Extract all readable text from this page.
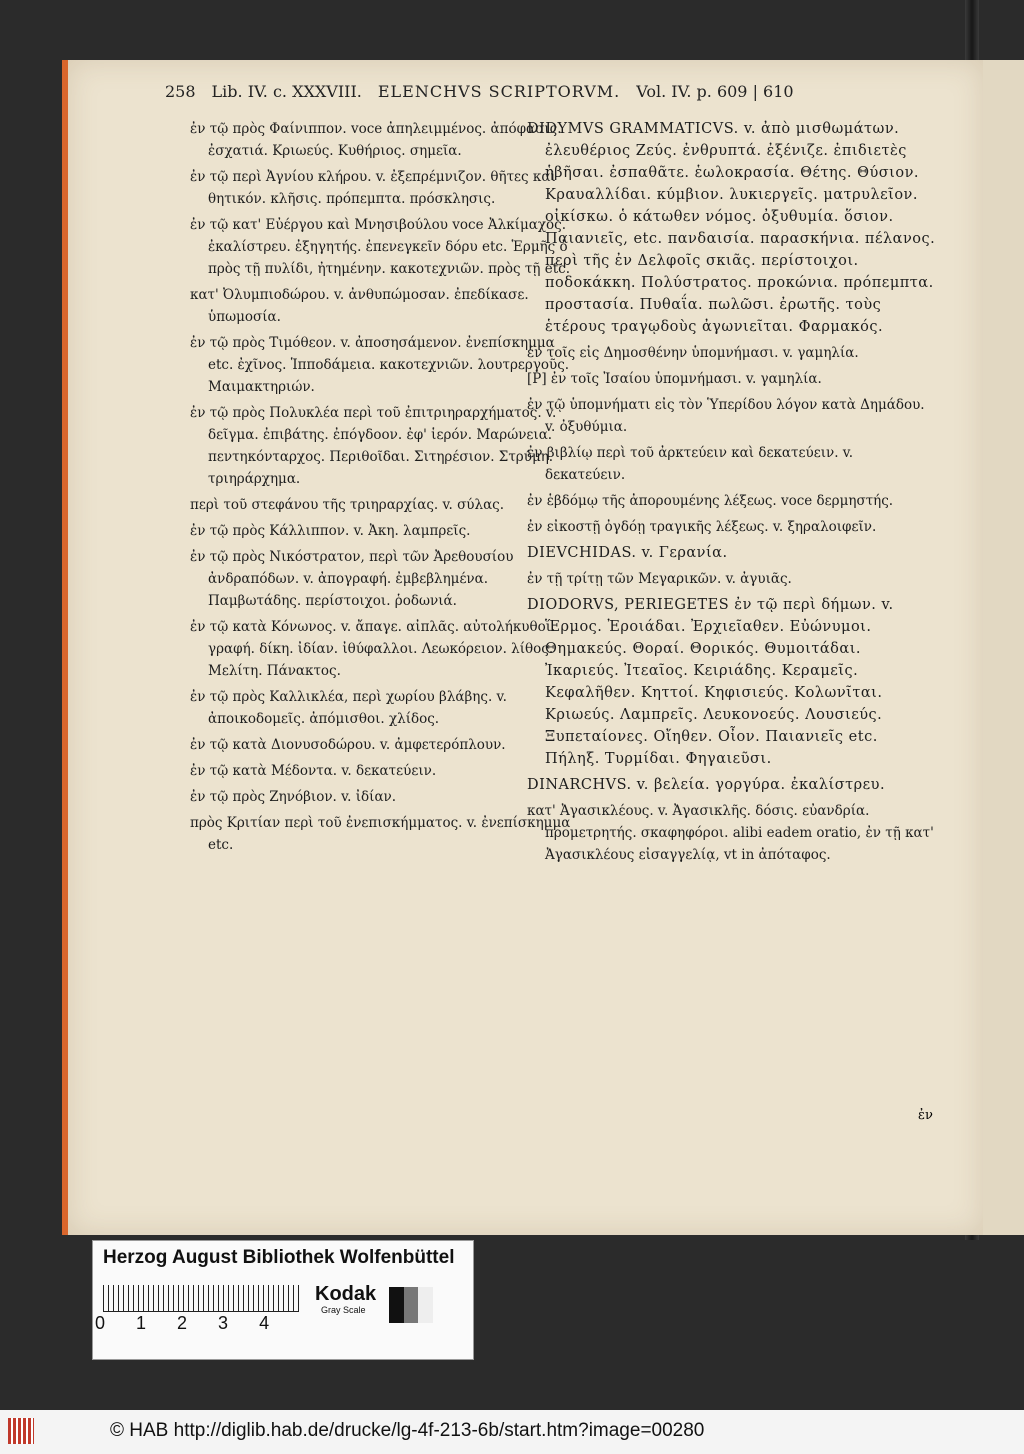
258 Lib. IV. c. XXXVIII. ELENCHVS SCRIPTORVM. Vol. IV. p. 609 | 610

ἐν τῷ πρὸς Φαίνιππον. voce ἀπηλειμμένος. ἀπόφασις. ἐσχατιά. Κριωεύς. Κυθήριος. σημεῖα.

ἐν τῷ περὶ Ἀγνίου κλήρου. v. ἐξεπρέμνιζον. θῆτες καὶ θητικόν. κλῆσις. πρόπεμπτα. πρόσκλησις.

ἐν τῷ κατ' Εὐέργου καὶ Μνησιβούλου voce Ἀλκίμαχος. ἐκαλίστρευ. ἐξηγητής. ἐπενεγκεῖν δόρυ etc. Ἑρμῆς ὁ πρὸς τῇ πυλίδι, ἠτημένην. κακοτεχνιῶν. πρὸς τῇ etc.

κατ' Ὀλυμπιοδώρου. v. ἀνθυπώμοσαν. ἐπεδίκασε. ὑπωμοσία.

ἐν τῷ πρὸς Τιμόθεον. v. ἀποσησάμενον. ἐνεπίσκημμα etc. ἐχῖνος. Ἱπποδάμεια. κακοτεχνιῶν. λουτρεργοῦς. Μαιμακτηριών.

ἐν τῷ πρὸς Πολυκλέα περὶ τοῦ ἐπιτριηραρχήματος. v. δεῖγμα. ἐπιβάτης. ἐπόγδοον. ἐφ' ἱερόν. Μαρώνεια. πεντηκόνταρχος. Περιθοῖδαι. Σιτηρέσιον. Στρύμη. τριηράρχημα.

περὶ τοῦ στεφάνου τῆς τριηραρχίας. v. σύλας.

ἐν τῷ πρὸς Κάλλιππον. v. Ἀκη. λαμπρεῖς.

ἐν τῷ πρὸς Νικόστρατον, περὶ τῶν Ἀρεθουσίου ἀνδραπόδων. v. ἀπογραφή. ἐμβεβλημένα. Παμβωτάδης. περίστοιχοι. ῥοδωνιά.

ἐν τῷ κατὰ Κόνωνος. v. ἄπαγε. αἰπλᾶς. αὐτολήκυθοι. γραφή. δίκη. ἰδίαν. ἰθύφαλλοι. Λεωκόρειον. λίθος. Μελίτη. Πάνακτος.

ἐν τῷ πρὸς Καλλικλέα, περὶ χωρίου βλάβης. v. ἀποικοδομεῖς. ἀπόμισθοι. χλίδος.

ἐν τῷ κατὰ Διονυσοδώρου. v. ἀμφετερόπλουν.

ἐν τῷ κατὰ Μέδοντα. v. δεκατεύειν.

ἐν τῷ πρὸς Ζηνόβιον. v. ἰδίαν.

πρὸς Κριτίαν περὶ τοῦ ἐνεπισκήμματος. v. ἐνεπίσκημμα etc.

DIDYMVS GRAMMATICVS. v. ἀπὸ μισθωμάτων. ἐλευθέριος Ζεύς. ἐνθρυπτά. ἐξένιζε. ἐπιδιετὲς ἡβῆσαι. ἐσπαθᾶτε. ἑωλοκρασία. Θέτης. Θύσιον. Κραυαλλίδαι. κύμβιον. λυκιεργεῖς. ματρυλεῖον. οἰκίσκω. ὁ κάτωθεν νόμος. ὀξυθυμία. ὅσιον. Παιανιεῖς, etc. πανδαισία. παρασκήνια. πέλανος. περὶ τῆς ἐν Δελφοῖς σκιᾶς. περίστοιχοι. ποδοκάκκη. Πολύστρατος. προκώνια. πρόπεμπτα. προστασία. Πυθαΐα. πωλῶσι. ἐρωτῆς. τοὺς ἑτέρους τραγῳδοὺς ἀγωνιεῖται. Φαρμακός.

ἐν τοῖς εἰς Δημοσθένην ὑπομνήμασι. v. γαμηλία.

[P] ἐν τοῖς Ἰσαίου ὑπομνήμασι. v. γαμηλία.

ἐν τῷ ὑπομνήματι εἰς τὸν Ὑπερίδου λόγον κατὰ Δημάδου. v. ὀξυθύμια.

ἐν βιβλίῳ περὶ τοῦ ἀρκτεύειν καὶ δεκατεύειν. v. δεκατεύειν.

ἐν ἑβδόμῳ τῆς ἀπορουμένης λέξεως. voce δερμηστής.

ἐν εἰκοστῇ ὀγδόῃ τραγικῆς λέξεως. v. ξηραλοιφεῖν.

DIEVCHIDAS. v. Γερανία.

ἐν τῇ τρίτῃ τῶν Μεγαρικῶν. v. ἀγυιᾶς.

DIODORVS, PERIEGETES ἐν τῷ περὶ δήμων. v. Ἕρμος. Ἐροιάδαι. Ἐρχιεῖαθεν. Εὐώνυμοι. Θημακεύς. Θοραί. Θορικός. Θυμοιτάδαι. Ἰκαριεύς. Ἰτεαῖος. Κειριάδης. Κεραμεῖς. Κεφαλῆθεν. Κηττοί. Κηφισιεύς. Κολωνῖται. Κριωεύς. Λαμπρεῖς. Λευκονοεύς. Λουσιεύς. Ξυπεταίονες. Οἴηθεν. Οἶον. Παιανιεῖς etc. Πήληξ. Τυρμίδαι. Φηγαιεῦσι.

DINARCHVS. v. βελεία. γοργύρα. ἐκαλίστρευ.

κατ' Ἀγασικλέους. v. Ἀγασικλῆς. δόσις. εὐανδρία. προμετρητής. σκαφηφόροι. alibi eadem oratio, ἐν τῇ κατ' Ἀγασικλέους εἰσαγγελίᾳ, vt in ἀπόταφος.

ἐν
Herzog August Bibliothek Wolfenbüttel
0 1 2 3 4
Kodak
Gray Scale
© HAB http://diglib.hab.de/drucke/lg-4f-213-6b/start.htm?image=00280
